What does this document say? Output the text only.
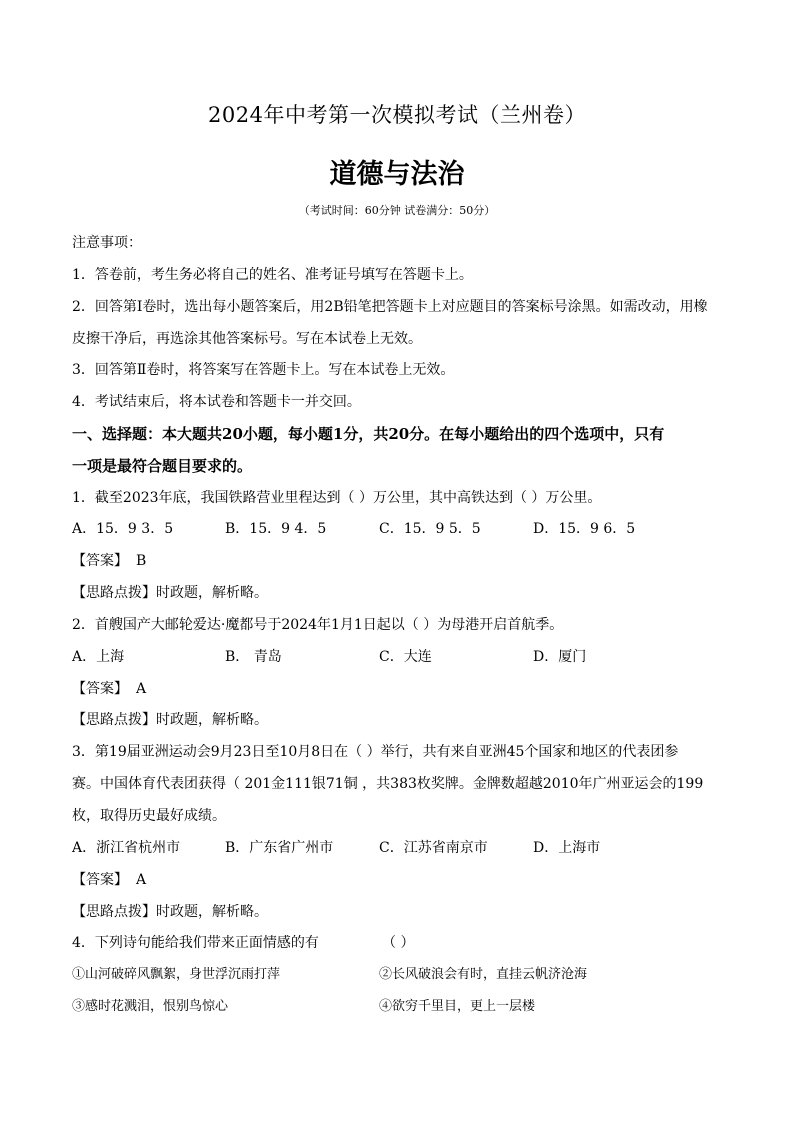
2024年中考第一次模拟考试（兰州卷）
道德与法治
（考试时间：60分钟 试卷满分：50分）
注意事项：
1．答卷前，考生务必将自己的姓名、准考证号填写在答题卡上。
2．回答第Ⅰ卷时，选出每小题答案后，用2B铅笔把答题卡上对应题目的答案标号涂黑。如需改动，用橡
皮擦干净后，再选涂其他答案标号。写在本试卷上无效。
3．回答第Ⅱ卷时，将答案写在答题卡上。写在本试卷上无效。
4．考试结束后，将本试卷和答题卡一并交回。
一、选择题：本大题共20小题，每小题1分，共20分。在每小题给出的四个选项中，只有
一项是最符合题目要求的。
1．截至2023年底，我国铁路营业里程达到（ ）万公里，其中高铁达到（ ）万公里。
A．15．9 3．5	B．15．9 4．5	C．15．9 5．5	D．15．9 6．5
【答案】 B
【思路点拨】时政题，解析略。
2．首艘国产大邮轮爱达·魔都号于2024年1月1日起以（ ）为母港开启首航季。
A．上海	B． 青岛	C．大连	D．厦门
【答案】 A
【思路点拨】时政题，解析略。
3．第19届亚洲运动会9月23日至10月8日在（ ）举行，共有来自亚洲45个国家和地区的代表团参
赛。中国体育代表团获得（ 201金111银71铜 ，共383枚奖牌。金牌数超越2010年广州亚运会的199
枚，取得历史最好成绩。
A．浙江省杭州市	B．广东省广州市	C．江苏省南京市	D．上海市
【答案】 A
【思路点拨】时政题，解析略。
4．下列诗句能给我们带来正面情感的有	（ ）
①山河破碎风飘絮，身世浮沉雨打萍	②长风破浪会有时，直挂云帆济沧海
③感时花溅泪，恨别鸟惊心	④欲穷千里目，更上一层楼
